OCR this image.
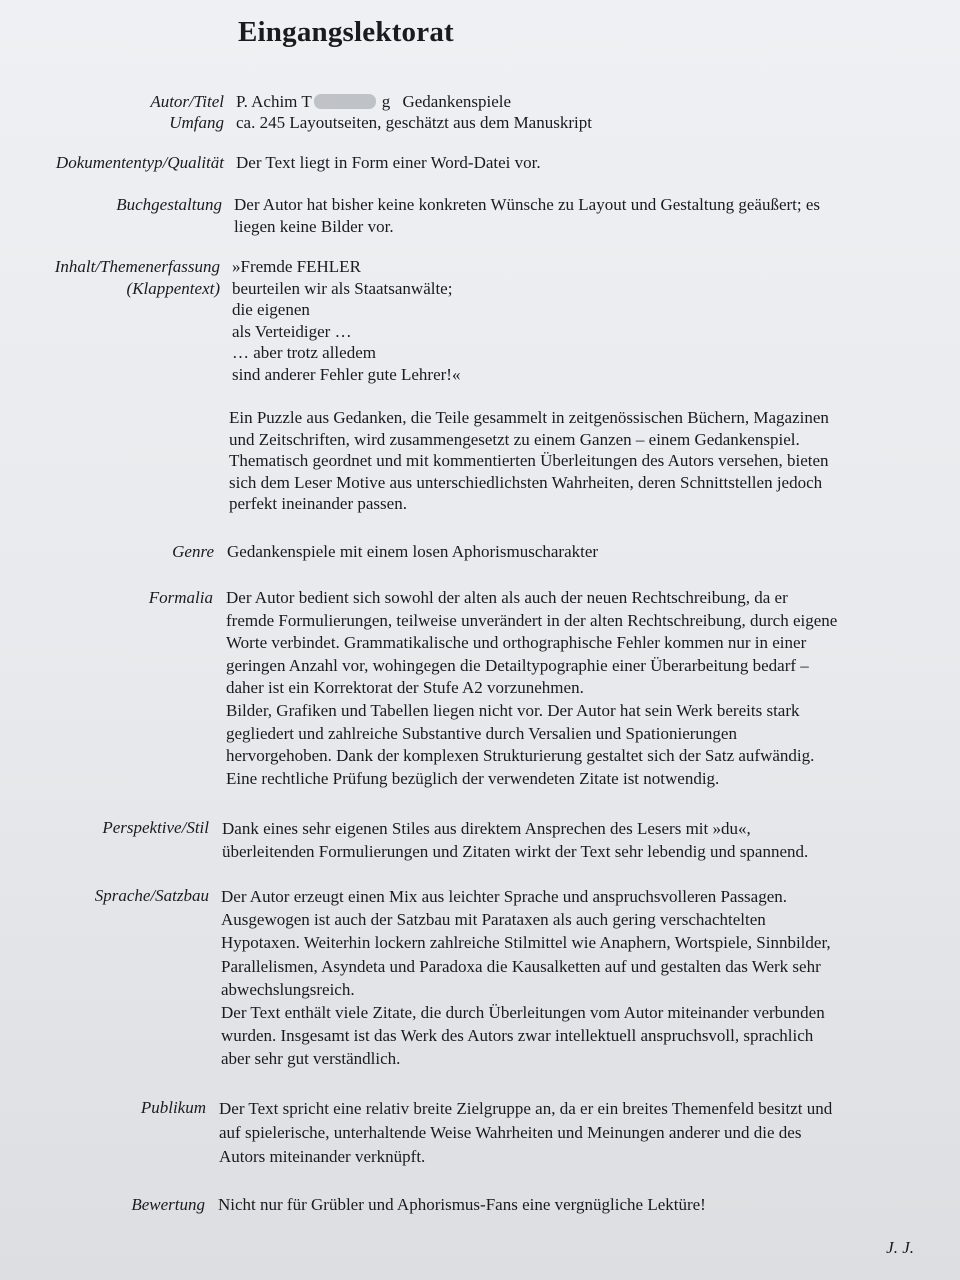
Eingangslektorat
Autor/Titel P. Achim T	g Gedankenspiele
Umfang ca. 245 Layoutseiten, geschätzt aus dem Manuskript
Dokumententyp/Qualität Der Text liegt in Form einer Word-Datei vor.
Buchgestaltung Der Autor hat bisher keine konkreten Wünsche zu Layout und Gestaltung geäußert; es

liegen keine Bilder vor.

Inhalt/Themenerfassung
(Klappentext)

»Fremde FEHLER

beurteilen wir als Staatsanwälte;

die eigenen

als Verteidiger …

… aber trotz alledem

sind anderer Fehler gute Lehrer!«

Ein Puzzle aus Gedanken, die Teile gesammelt in zeitgenössischen Büchern, Magazinen

und Zeitschriften, wird zusammengesetzt zu einem Ganzen – einem Gedankenspiel.

Thematisch geordnet und mit kommentierten Überleitungen des Autors versehen, bieten

sich dem Leser Motive aus unterschiedlichsten Wahrheiten, deren Schnittstellen jedoch

perfekt ineinander passen.

Genre Gedankenspiele mit einem losen Aphorismuscharakter
Formalia Der Autor bedient sich sowohl der alten als auch der neuen Rechtschreibung, da er

fremde Formulierungen, teilweise unverändert in der alten Rechtschreibung, durch eigene

Worte verbindet. Grammatikalische und orthographische Fehler kommen nur in einer

geringen Anzahl vor, wohingegen die Detailtypographie einer Überarbeitung bedarf –

daher ist ein Korrektorat der Stufe A2 vorzunehmen.

Bilder, Grafiken und Tabellen liegen nicht vor. Der Autor hat sein Werk bereits stark

gegliedert und zahlreiche Substantive durch Versalien und Spationierungen

hervorgehoben. Dank der komplexen Strukturierung gestaltet sich der Satz aufwändig.

Eine rechtliche Prüfung bezüglich der verwendeten Zitate ist notwendig.

Perspektive/Stil Dank eines sehr eigenen Stiles aus direktem Ansprechen des Lesers mit »du«,

überleitenden Formulierungen und Zitaten wirkt der Text sehr lebendig und spannend.

Sprache/Satzbau Der Autor erzeugt einen Mix aus leichter Sprache und anspruchsvolleren Passagen.

Ausgewogen ist auch der Satzbau mit Parataxen als auch gering verschachtelten

Hypotaxen. Weiterhin lockern zahlreiche Stilmittel wie Anaphern, Wortspiele, Sinnbilder,

Parallelismen, Asyndeta und Paradoxa die Kausalketten auf und gestalten das Werk sehr

abwechslungsreich.

Der Text enthält viele Zitate, die durch Überleitungen vom Autor miteinander verbunden

wurden. Insgesamt ist das Werk des Autors zwar intellektuell anspruchsvoll, sprachlich

aber sehr gut verständlich.

Publikum Der Text spricht eine relativ breite Zielgruppe an, da er ein breites Themenfeld besitzt und

auf spielerische, unterhaltende Weise Wahrheiten und Meinungen anderer und die des

Autors miteinander verknüpft.

Bewertung Nicht nur für Grübler und Aphorismus-Fans eine vergnügliche Lektüre!
J. J.
